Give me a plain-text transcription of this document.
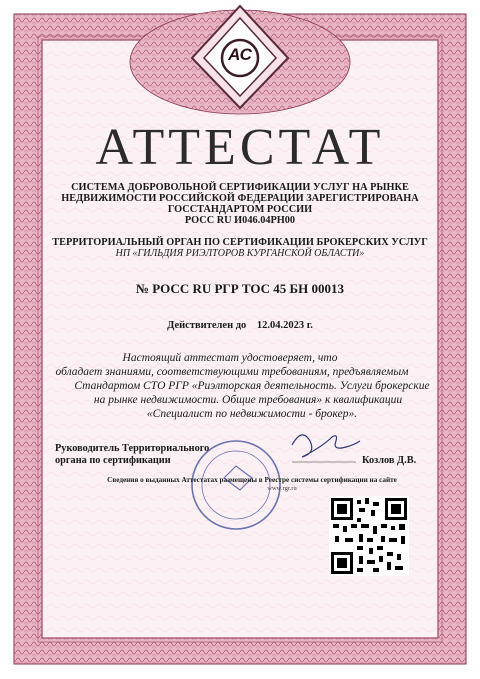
АС
АТТЕСТАТ
СИСТЕМА ДОБРОВОЛЬНОЙ СЕРТИФИКАЦИИ УСЛУГ НА РЫНКЕ
НЕДВИЖИМОСТИ РОССИЙСКОЙ ФЕДЕРАЦИИ ЗАРЕГИСТРИРОВАНА
ГОССТАНДАРТОМ РОССИИ
РОСС RU И046.04РН00
ТЕРРИТОРИАЛЬНЫЙ ОРГАН ПО СЕРТИФИКАЦИИ БРОКЕРСКИХ УСЛУГ
НП «ГИЛЬДИЯ РИЭЛТОРОВ КУРГАНСКОЙ ОБЛАСТИ»
№ РОСС RU РГР ТОС 45 БН 00013
Действителен до 12.04.2023 г.
Настоящий аттестат удостоверяет, что
обладает знаниями, соответствующими требованиям, предъявляемым
Стандартом СТО РГР «Риэлторская деятельность. Услуги брокерские
на рынке недвижимости. Общие требования» к квалификации
«Специалист по недвижимости - брокер».
Руководитель Территориального
органа по сертификации	Козлов Д.В.
Сведения о выданных Аттестатах размещены в Реестре системы сертификации на сайте
www.rgr.ru
